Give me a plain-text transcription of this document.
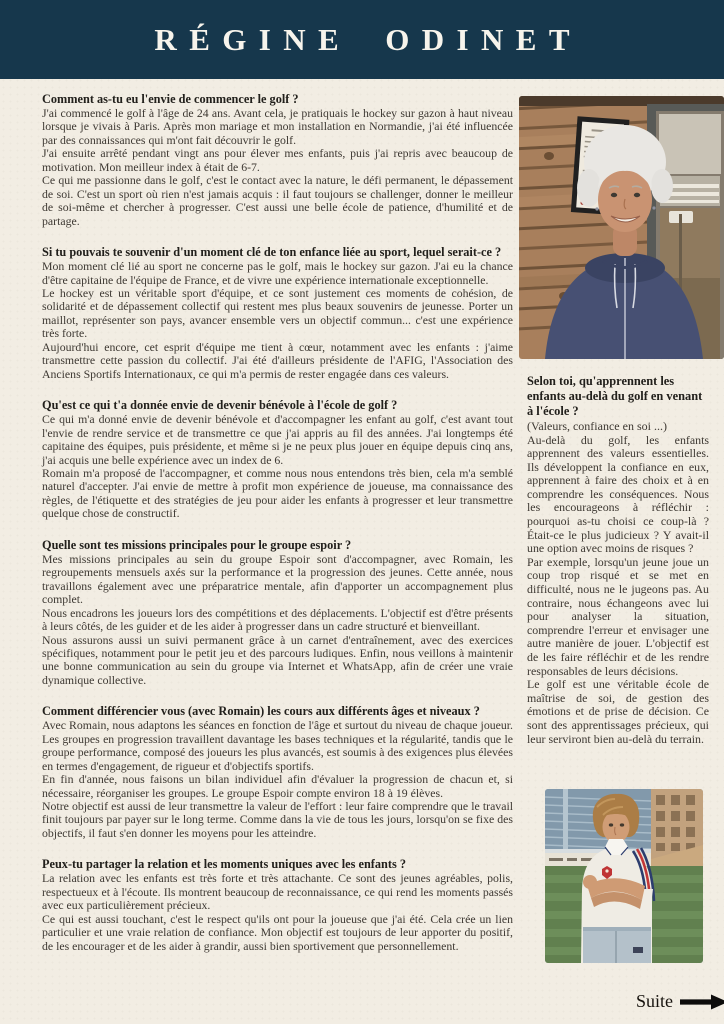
RÉGINE ODINET
Comment as-tu eu l'envie de commencer le golf ?

J'ai commencé le golf à l'âge de 24 ans. Avant cela, je pratiquais le hockey sur gazon à haut niveau lorsque je vivais à Paris. Après mon mariage et mon installation en Normandie, j'ai été influencée par des connaissances qui m'ont fait découvrir le golf.

J'ai ensuite arrêté pendant vingt ans pour élever mes enfants, puis j'ai repris avec beaucoup de motivation. Mon meilleur index à était de 6-7.

Ce qui me passionne dans le golf, c'est le contact avec la nature, le défi permanent, le dépassement de soi. C'est un sport où rien n'est jamais acquis : il faut toujours se challenger, donner le meilleur de soi-même et chercher à progresser. C'est aussi une belle école de patience, d'humilité et de partage.

Si tu pouvais te souvenir d'un moment clé de ton enfance liée au sport, lequel serait-ce ?

Mon moment clé lié au sport ne concerne pas le golf, mais le hockey sur gazon. J'ai eu la chance d'être capitaine de l'équipe de France, et de vivre une expérience internationale exceptionnelle.

Le hockey est un véritable sport d'équipe, et ce sont justement ces moments de cohésion, de solidarité et de dépassement collectif qui restent mes plus beaux souvenirs de jeunesse. Porter un maillot, représenter son pays, avancer ensemble vers un objectif commun... c'est une expérience très forte.

Aujourd'hui encore, cet esprit d'équipe me tient à cœur, notamment avec les enfants : j'aime transmettre cette passion du collectif. J'ai été d'ailleurs présidente de l'AFIG, l'Association des Anciens Sportifs Internationaux, ce qui m'a permis de rester engagée dans ces valeurs.

Qu'est ce qui t'a donnée envie de devenir bénévole à l'école de golf ?

Ce qui m'a donné envie de devenir bénévole et d'accompagner les enfant au golf, c'est avant tout l'envie de rendre service et de transmettre ce que j'ai appris au fil des années. J'ai longtemps été capitaine des équipes, puis présidente, et même si je ne peux plus jouer en équipe depuis cinq ans, j'ai acquis une belle expérience avec un index de 6.

Romain m'a proposé de l'accompagner, et comme nous nous entendons très bien, cela m'a semblé naturel d'accepter. J'ai envie de mettre à profit mon expérience de joueuse, ma connaissance des règles, de l'étiquette et des stratégies de jeu pour aider les enfants à progresser et leur transmettre quelque chose de constructif.

Quelle sont tes missions principales pour le groupe espoir ?

Mes missions principales au sein du groupe Espoir sont d'accompagner, avec Romain, les regroupements mensuels axés sur la performance et la progression des jeunes. Cette année, nous travaillons également avec une préparatrice mentale, afin d'apporter un accompagnement plus complet.

Nous encadrons les joueurs lors des compétitions et des déplacements. L'objectif est d'être présents à leurs côtés, de les guider et de les aider à progresser dans un cadre structuré et bienveillant.

Nous assurons aussi un suivi permanent grâce à un carnet d'entraînement, avec des exercices spécifiques, notamment pour le petit jeu et des parcours ludiques. Enfin, nous veillons à maintenir une bonne communication au sein du groupe via Internet et WhatsApp, afin de créer une vraie dynamique collective.

Comment différencier vous (avec Romain) les cours aux différents âges et niveaux ?

Avec Romain, nous adaptons les séances en fonction de l'âge et surtout du niveau de chaque joueur. Les groupes en progression travaillent davantage les bases techniques et la régularité, tandis que le groupe performance, composé des joueurs les plus avancés, est soumis à des exigences plus élevées en termes d'engagement, de rigueur et d'objectifs sportifs.

En fin d'année, nous faisons un bilan individuel afin d'évaluer la progression de chacun et, si nécessaire, réorganiser les groupes. Le groupe Espoir compte environ 18 à 19 élèves.

Notre objectif est aussi de leur transmettre la valeur de l'effort : leur faire comprendre que le travail finit toujours par payer sur le long terme. Comme dans la vie de tous les jours, lorsqu'on se fixe des objectifs, il faut s'en donner les moyens pour les atteindre.

Peux-tu partager la relation et les moments uniques avec les enfants ?

La relation avec les enfants est très forte et très attachante. Ce sont des jeunes agréables, polis, respectueux et à l'écoute. Ils montrent beaucoup de reconnaissance, ce qui rend les moments passés avec eux particulièrement précieux.

Ce qui est aussi touchant, c'est le respect qu'ils ont pour la joueuse que j'ai été. Cela crée un lien particulier et une vraie relation de confiance. Mon objectif est toujours de leur apporter du positif, de les encourager et de les aider à grandir, aussi bien sportivement que personnellement.

Selon toi, qu'apprennent les enfants au-delà du golf en venant à l'école ?

(Valeurs, confiance en soi ...)

Au-delà du golf, les enfants apprennent des valeurs essentielles. Ils développent la confiance en eux, apprennent à faire des choix et à en comprendre les conséquences. Nous les encourageons à réfléchir : pourquoi as-tu choisi ce coup-là ? Était-ce le plus judicieux ? Y avait-il une option avec moins de risques ?

Par exemple, lorsqu'un jeune joue un coup trop risqué et se met en difficulté, nous ne le jugeons pas. Au contraire, nous échangeons avec lui pour analyser la situation, comprendre l'erreur et envisager une autre manière de jouer. L'objectif est de les faire réfléchir et de les rendre responsables de leurs décisions.

Le golf est une véritable école de maîtrise de soi, de gestion des émotions et de prise de décision. Ce sont des apprentissages précieux, qui leur serviront bien au-delà du terrain.

Suite
